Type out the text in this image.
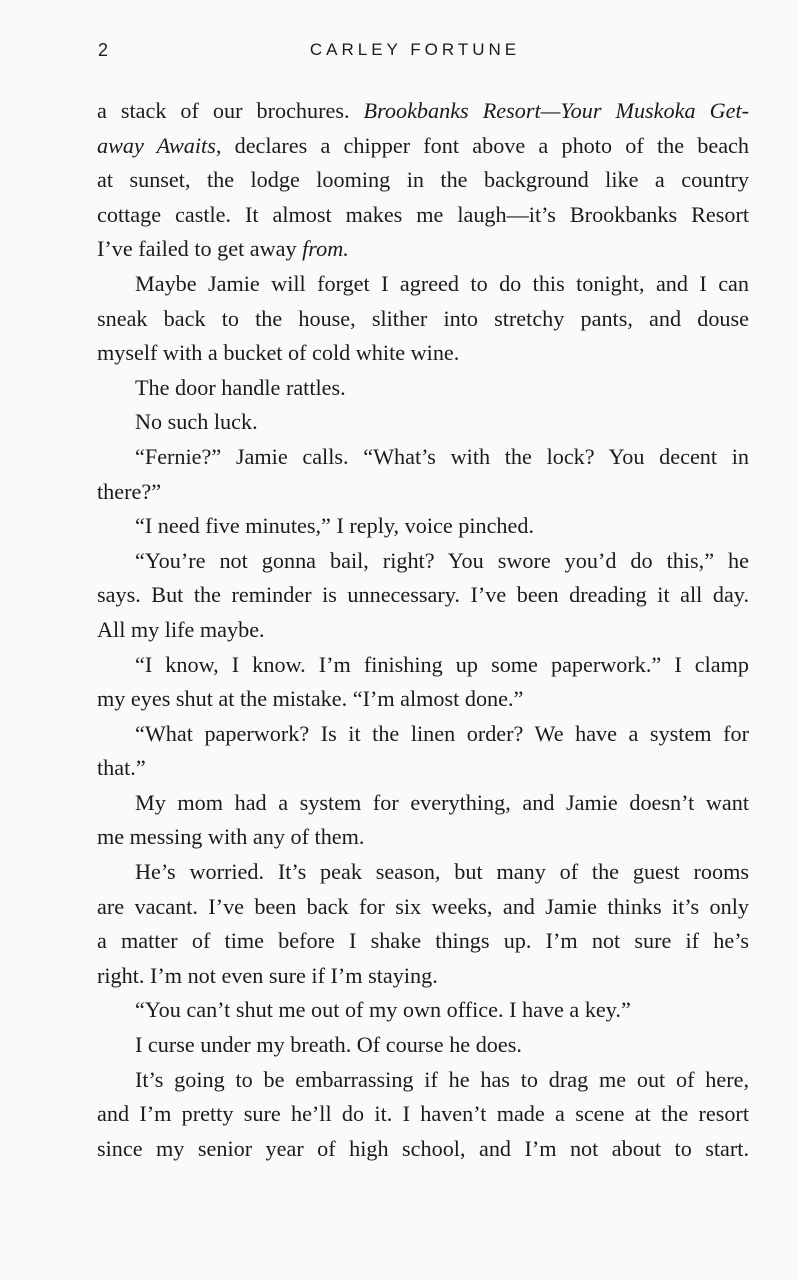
2	CARLEY FORTUNE
a stack of our brochures. Brookbanks Resort—Your Muskoka Get-
away Awaits, declares a chipper font above a photo of the beach
at sunset, the lodge looming in the background like a country
cottage castle. It almost makes me laugh—it’s Brookbanks Resort
I’ve failed to get away from.
Maybe Jamie will forget I agreed to do this tonight, and I can
sneak back to the house, slither into stretchy pants, and douse
myself with a bucket of cold white wine.
The door handle rattles.
No such luck.
“Fernie?” Jamie calls. “What’s with the lock? You decent in
there?”
“I need five minutes,” I reply, voice pinched.
“You’re not gonna bail, right? You swore you’d do this,” he
says. But the reminder is unnecessary. I’ve been dreading it all day.
All my life maybe.
“I know, I know. I’m finishing up some paperwork.” I clamp
my eyes shut at the mistake. “I’m almost done.”
“What paperwork? Is it the linen order? We have a system for
that.”
My mom had a system for everything, and Jamie doesn’t want
me messing with any of them.
He’s worried. It’s peak season, but many of the guest rooms
are vacant. I’ve been back for six weeks, and Jamie thinks it’s only
a matter of time before I shake things up. I’m not sure if he’s
right. I’m not even sure if I’m staying.
“You can’t shut me out of my own office. I have a key.”
I curse under my breath. Of course he does.
It’s going to be embarrassing if he has to drag me out of here,
and I’m pretty sure he’ll do it. I haven’t made a scene at the resort
since my senior year of high school, and I’m not about to start.
